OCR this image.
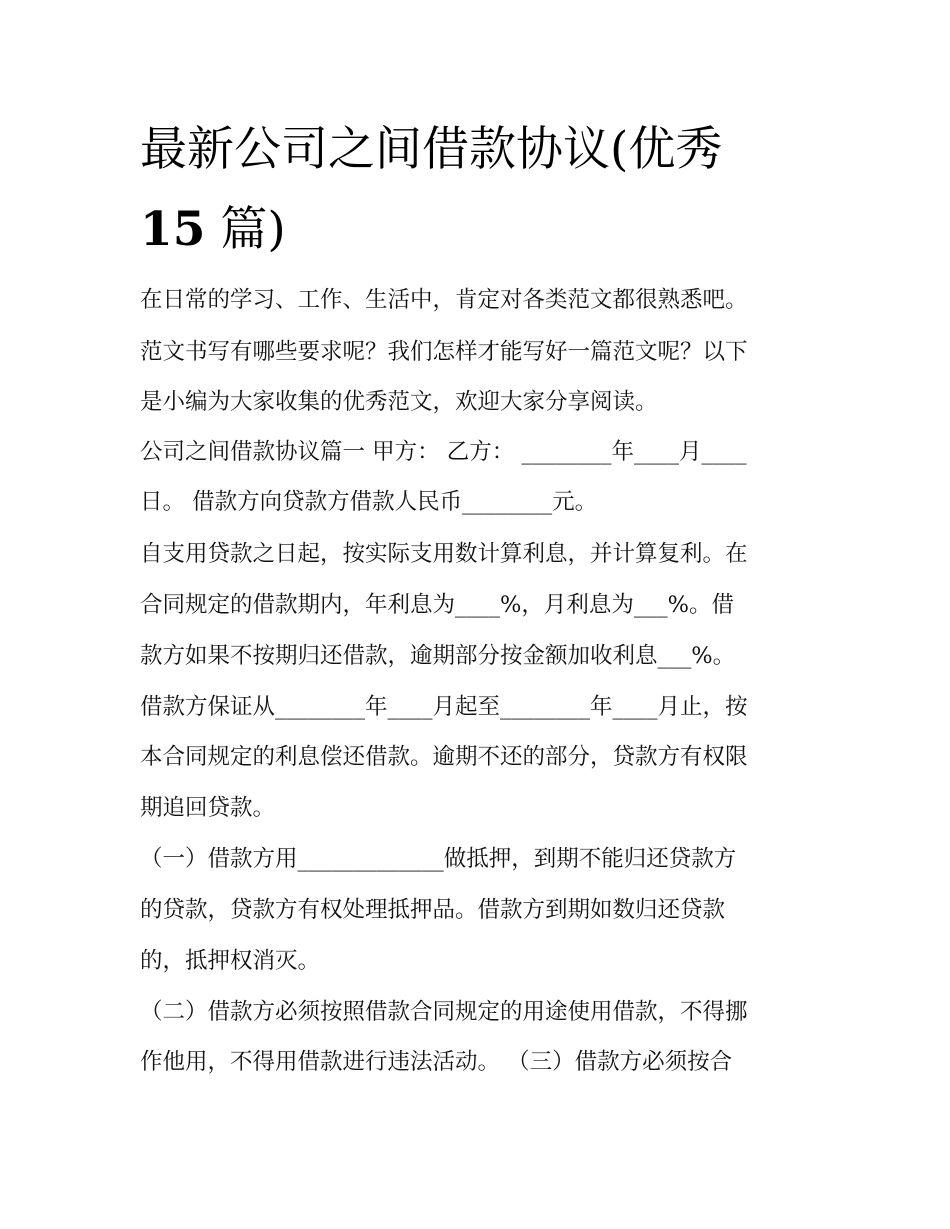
最新公司之间借款协议(优秀
15 篇)

在日常的学习、工作、生活中，肯定对各类范文都很熟悉吧。

范文书写有哪些要求呢？我们怎样才能写好一篇范文呢？以下

是小编为大家收集的优秀范文，欢迎大家分享阅读。

公司之间借款协议篇一 甲方： 乙方： ________年____月____

日。 借款方向贷款方借款人民币________元。

自支用贷款之日起，按实际支用数计算利息，并计算复利。在

合同规定的借款期内，年利息为____%，月利息为___%。借

款方如果不按期归还借款，逾期部分按金额加收利息___%。

借款方保证从________年____月起至________年____月止，按

本合同规定的利息偿还借款。逾期不还的部分，贷款方有权限

期追回贷款。

（一）借款方用_____________做抵押，到期不能归还贷款方

的贷款，贷款方有权处理抵押品。借款方到期如数归还贷款

的，抵押权消灭。

（二）借款方必须按照借款合同规定的用途使用借款，不得挪

作他用，不得用借款进行违法活动。 （三）借款方必须按合
